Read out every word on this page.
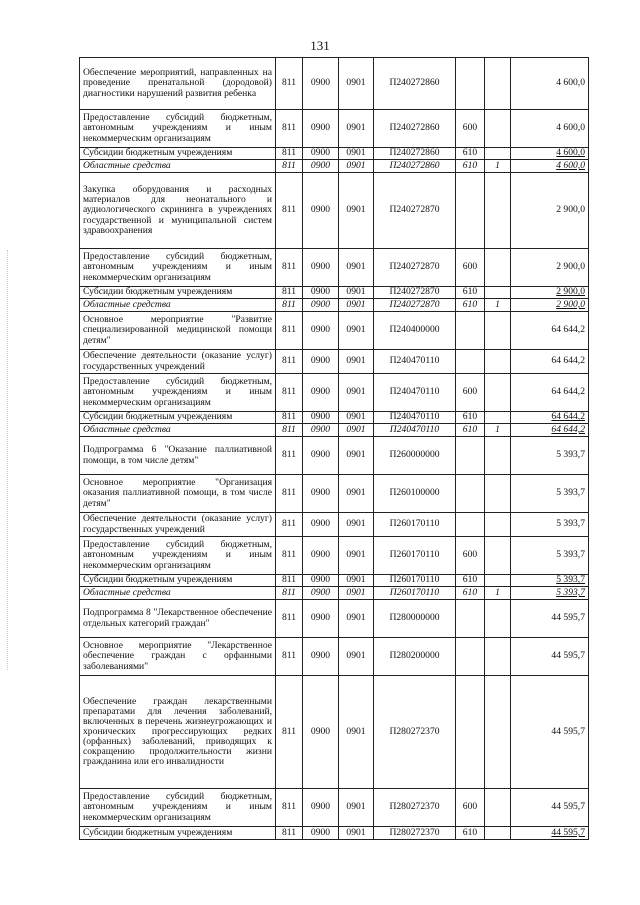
131
Обеспечение мероприятий, направленных на проведение пренатальной (дородовой) диагностики нарушений развития ребенка	811	0900	0901	П240272860			4 600,0
Предоставление субсидий бюджетным, автономным учреждениям и иным некоммерческим организациям	811	0900	0901	П240272860	600		4 600,0
Субсидии бюджетным учреждениям	811	0900	0901	П240272860	610		4 600,0
Областные средства	811	0900	0901	П240272860	610	1	4 600,0
Закупка оборудования и расходных материалов для неонатального и аудиологического скрининга в учреждениях государственной и муниципальной систем здравоохранения	811	0900	0901	П240272870			2 900,0
Предоставление субсидий бюджетным, автономным учреждениям и иным некоммерческим организациям	811	0900	0901	П240272870	600		2 900,0
Субсидии бюджетным учреждениям	811	0900	0901	П240272870	610		2 900,0
Областные средства	811	0900	0901	П240272870	610	1	2 900,0
Основное мероприятие "Развитие специализированной медицинской помощи детям"	811	0900	0901	П240400000			64 644,2
Обеспечение деятельности (оказание услуг) государственных учреждений	811	0900	0901	П240470110			64 644,2
Предоставление субсидий бюджетным, автономным учреждениям и иным некоммерческим организациям	811	0900	0901	П240470110	600		64 644,2
Субсидии бюджетным учреждениям	811	0900	0901	П240470110	610		64 644,2
Областные средства	811	0900	0901	П240470110	610	1	64 644,2
Подпрограмма 6 "Оказание паллиативной помощи, в том числе детям"	811	0900	0901	П260000000			5 393,7
Основное мероприятие "Организация оказания паллиативной помощи, в том числе детям"	811	0900	0901	П260100000			5 393,7
Обеспечение деятельности (оказание услуг) государственных учреждений	811	0900	0901	П260170110			5 393,7
Предоставление субсидий бюджетным, автономным учреждениям и иным некоммерческим организациям	811	0900	0901	П260170110	600		5 393,7
Субсидии бюджетным учреждениям	811	0900	0901	П260170110	610		5 393,7
Областные средства	811	0900	0901	П260170110	610	1	5 393,7
Подпрограмма 8 "Лекарственное обеспечение отдельных категорий граждан"	811	0900	0901	П280000000			44 595,7
Основное мероприятие "Лекарственное обеспечение граждан с орфанными заболеваниями"	811	0900	0901	П280200000			44 595,7
Обеспечение граждан лекарственными препаратами для лечения заболеваний, включенных в перечень жизнеугрожающих и хронических прогрессирующих редких (орфанных) заболеваний, приводящих к сокращению продолжительности жизни гражданина или его инвалидности	811	0900	0901	П280272370			44 595,7
Предоставление субсидий бюджетным, автономным учреждениям и иным некоммерческим организациям	811	0900	0901	П280272370	600		44 595,7
Субсидии бюджетным учреждениям	811	0900	0901	П280272370	610		44 595,7
